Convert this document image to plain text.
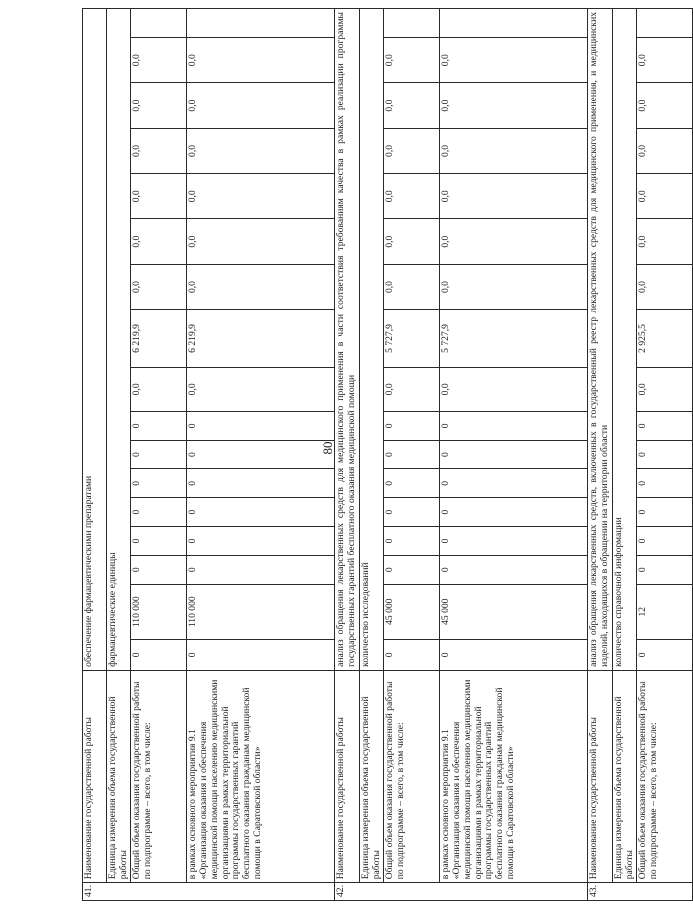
80
41.	Наименование государственной работы	обеспечение фармацевтическими препаратами																
	Единица измерения объема государственной работы	фармацевтические единицы																
	Общий объем оказания государственной работы по подпрограмме – всего, в том числе:	0	110 000	0	0	0	0	0	0	0,0	6 219,9	0,0	0,0	0,0	0,0	0,0	0,0	
	в рамках основного мероприятия 9.1 «Организация оказания и обеспечения медицинской помощи населению медицинскими организациями в рамках территориальной программы государственных гарантий бесплатного оказания гражданам медицинской помощи в Саратовской области»	0	110 000	0	0	0	0	0	0	0,0	6 219,9	0,0	0,0	0,0	0,0	0,0	0,0	
42.	Наименование государственной работы	анализ обращения лекарственных средств для медицинского применения в части соответствия требованиям качества в рамках реализации программы государственных гарантий бесплатного оказания медицинской помощи																
	Единица измерения объема государственной работы	количество исследований																
	Общий объем оказания государственной работы по подпрограмме – всего, в том числе:	0	45 000	0	0	0	0	0	0	0,0	5 727,9	0,0	0,0	0,0	0,0	0,0	0,0	
	в рамках основного мероприятия 9.1 «Организация оказания и обеспечения медицинской помощи населению медицинскими организациями в рамках территориальной программы государственных гарантий бесплатного оказания гражданам медицинской помощи в Саратовской области»	0	45 000	0	0	0	0	0	0	0,0	5 727,9	0,0	0,0	0,0	0,0	0,0	0,0	
43.	Наименование государственной работы	анализ обращения лекарственных средств, включенных в государственный реестр лекарственных средств для медицинского применения, и медицинских изделий, находящихся в обращении на территории области																
	Единица измерения объема государственной работы	количество справочной информации																
	Общий объем оказания государственной работы по подпрограмме – всего, в том числе:	0	12	0	0	0	0	0	0	0,0	2 925,5	0,0	0,0	0,0	0,0	0,0	0,0	
